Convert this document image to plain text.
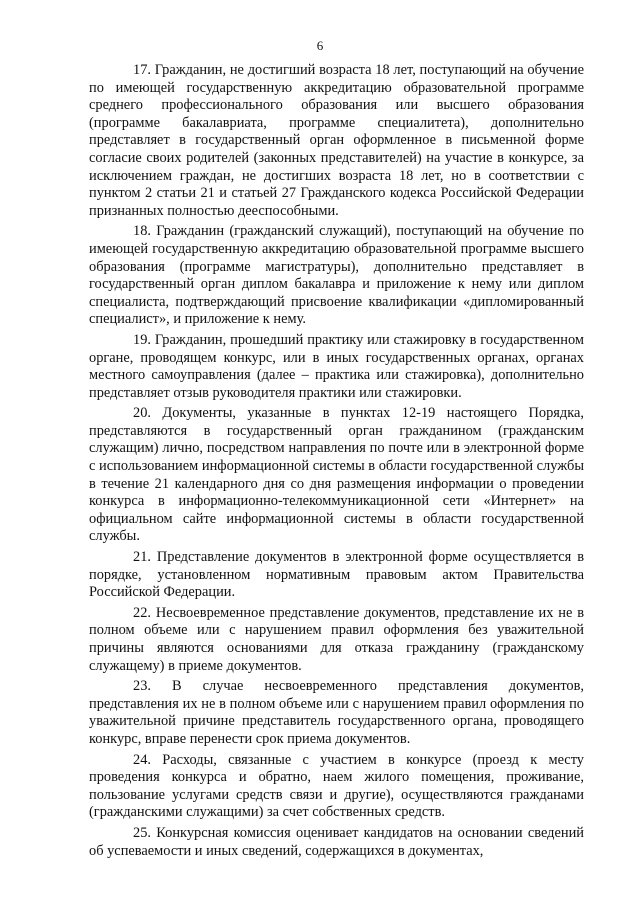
6

17. Гражданин, не достигший возраста 18 лет, поступающий на обучение по имеющей государственную аккредитацию образовательной программе среднего профессионального образования или высшего образования (программе бакалавриата, программе специалитета), дополнительно представляет в государственный орган оформленное в письменной форме согласие своих родителей (законных представителей) на участие в конкурсе, за исключением граждан, не достигших возраста 18 лет, но в соответствии с пунктом 2 статьи 21 и статьей 27 Гражданского кодекса Российской Федерации признанных полностью дееспособными.

18. Гражданин (гражданский служащий), поступающий на обучение по имеющей государственную аккредитацию образовательной программе высшего образования (программе магистратуры), дополнительно представляет в государственный орган диплом бакалавра и приложение к нему или диплом специалиста, подтверждающий присвоение квалификации «дипломированный специалист», и приложение к нему.

19. Гражданин, прошедший практику или стажировку в государственном органе, проводящем конкурс, или в иных государственных органах, органах местного самоуправления (далее – практика или стажировка), дополнительно представляет отзыв руководителя практики или стажировки.

20. Документы, указанные в пунктах 12-19 настоящего Порядка, представляются в государственный орган гражданином (гражданским служащим) лично, посредством направления по почте или в электронной форме с использованием информационной системы в области государственной службы в течение 21 календарного дня со дня размещения информации о проведении конкурса в информационно-телекоммуникационной сети «Интернет» на официальном сайте информационной системы в области государственной службы.

21. Представление документов в электронной форме осуществляется в порядке, установленном нормативным правовым актом Правительства Российской Федерации.

22. Несвоевременное представление документов, представление их не в полном объеме или с нарушением правил оформления без уважительной причины являются основаниями для отказа гражданину (гражданскому служащему) в приеме документов.

23. В случае несвоевременного представления документов, представления их не в полном объеме или с нарушением правил оформления по уважительной причине представитель государственного органа, проводящего конкурс, вправе перенести срок приема документов.

24. Расходы, связанные с участием в конкурсе (проезд к месту проведения конкурса и обратно, наем жилого помещения, проживание, пользование услугами средств связи и другие), осуществляются гражданами (гражданскими служащими) за счет собственных средств.

25. Конкурсная комиссия оценивает кандидатов на основании сведений об успеваемости и иных сведений, содержащихся в документах,
